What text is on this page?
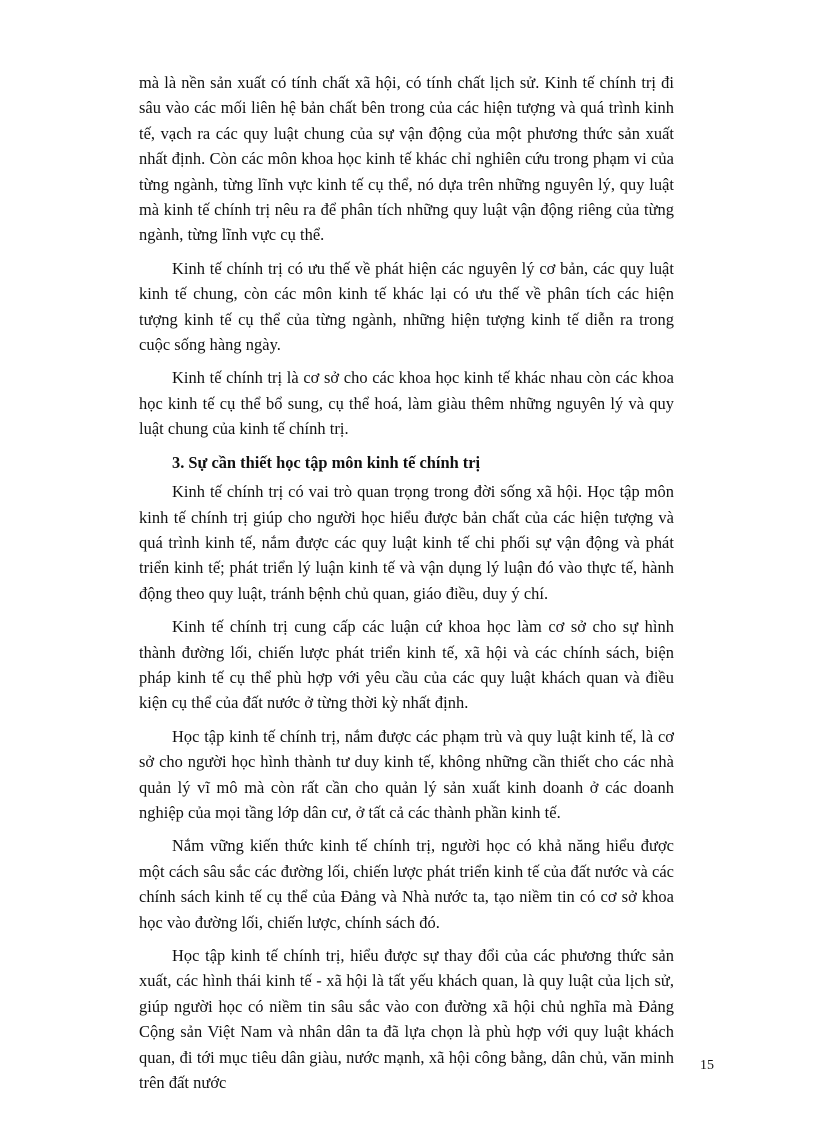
mà là nền sản xuất có tính chất xã hội, có tính chất lịch sử. Kinh tế chính trị đi sâu vào các mối liên hệ bản chất bên trong của các hiện tượng và quá trình kinh tế, vạch ra các quy luật chung của sự vận động của một phương thức sản xuất nhất định. Còn các môn khoa học kinh tế khác chỉ nghiên cứu trong phạm vi của từng ngành, từng lĩnh vực kinh tế cụ thể, nó dựa trên những nguyên lý, quy luật mà kinh tế chính trị nêu ra để phân tích những quy luật vận động riêng của từng ngành, từng lĩnh vực cụ thể.

Kinh tế chính trị có ưu thế về phát hiện các nguyên lý cơ bản, các quy luật kinh tế chung, còn các môn kinh tế khác lại có ưu thế về phân tích các hiện tượng kinh tế cụ thể của từng ngành, những hiện tượng kinh tế diễn ra trong cuộc sống hàng ngày.

Kinh tế chính trị là cơ sở cho các khoa học kinh tế khác nhau còn các khoa học kinh tế cụ thể bổ sung, cụ thể hoá, làm giàu thêm những nguyên lý và quy luật chung của kinh tế chính trị.

3. Sự cần thiết học tập môn kinh tế chính trị

Kinh tế chính trị có vai trò quan trọng trong đời sống xã hội. Học tập môn kinh tế chính trị giúp cho người học hiểu được bản chất của các hiện tượng và quá trình kinh tế, nắm được các quy luật kinh tế chi phối sự vận động và phát triển kinh tế; phát triển lý luận kinh tế và vận dụng lý luận đó vào thực tế, hành động theo quy luật, tránh bệnh chủ quan, giáo điều, duy ý chí.

Kinh tế chính trị cung cấp các luận cứ khoa học làm cơ sở cho sự hình thành đường lối, chiến lược phát triển kinh tế, xã hội và các chính sách, biện pháp kinh tế cụ thể phù hợp với yêu cầu của các quy luật khách quan và điều kiện cụ thể của đất nước ở từng thời kỳ nhất định.

Học tập kinh tế chính trị, nắm được các phạm trù và quy luật kinh tế, là cơ sở cho người học hình thành tư duy kinh tế, không những cần thiết cho các nhà quản lý vĩ mô mà còn rất cần cho quản lý sản xuất kinh doanh ở các doanh nghiệp của mọi tầng lớp dân cư, ở tất cả các thành phần kinh tế.

Nắm vững kiến thức kinh tế chính trị, người học có khả năng hiểu được một cách sâu sắc các đường lối, chiến lược phát triển kinh tế của đất nước và các chính sách kinh tế cụ thể của Đảng và Nhà nước ta, tạo niềm tin có cơ sở khoa học vào đường lối, chiến lược, chính sách đó.

Học tập kinh tế chính trị, hiểu được sự thay đổi của các phương thức sản xuất, các hình thái kinh tế - xã hội là tất yếu khách quan, là quy luật của lịch sử, giúp người học có niềm tin sâu sắc vào con đường xã hội chủ nghĩa mà Đảng Cộng sản Việt Nam và nhân dân ta đã lựa chọn là phù hợp với quy luật khách quan, đi tới mục tiêu dân giàu, nước mạnh, xã hội công bằng, dân chủ, văn minh trên đất nước

15
